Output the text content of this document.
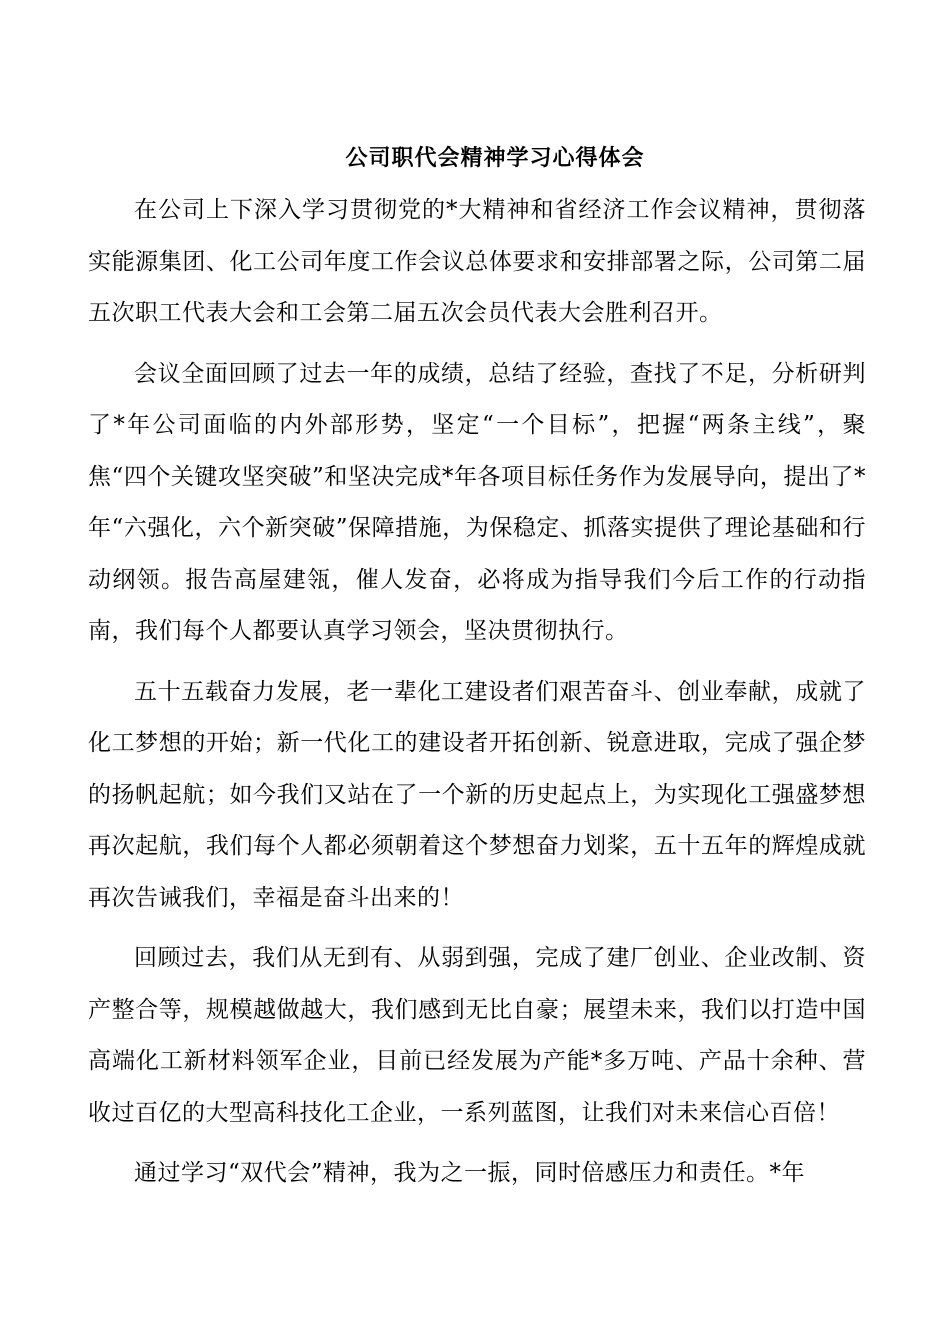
公司职代会精神学习心得体会

在公司上下深入学习贯彻党的*大精神和省经济工作会议精神，贯彻落实能源集团、化工公司年度工作会议总体要求和安排部署之际，公司第二届五次职工代表大会和工会第二届五次会员代表大会胜利召开。

会议全面回顾了过去一年的成绩，总结了经验，查找了不足，分析研判了*年公司面临的内外部形势，坚定“一个目标”，把握“两条主线”，聚焦“四个关键攻坚突破”和坚决完成*年各项目标任务作为发展导向，提出了*年“六强化，六个新突破”保障措施，为保稳定、抓落实提供了理论基础和行动纲领。报告高屋建瓴，催人发奋，必将成为指导我们今后工作的行动指南，我们每个人都要认真学习领会，坚决贯彻执行。

五十五载奋力发展，老一辈化工建设者们艰苦奋斗、创业奉献，成就了化工梦想的开始；新一代化工的建设者开拓创新、锐意进取，完成了强企梦的扬帆起航；如今我们又站在了一个新的历史起点上，为实现化工强盛梦想再次起航，我们每个人都必须朝着这个梦想奋力划桨，五十五年的辉煌成就再次告诫我们，幸福是奋斗出来的！

回顾过去，我们从无到有、从弱到强，完成了建厂创业、企业改制、资产整合等，规模越做越大，我们感到无比自豪；展望未来，我们以打造中国高端化工新材料领军企业，目前已经发展为产能*多万吨、产品十余种、营收过百亿的大型高科技化工企业，一系列蓝图，让我们对未来信心百倍！

通过学习“双代会”精神，我为之一振，同时倍感压力和责任。*年
